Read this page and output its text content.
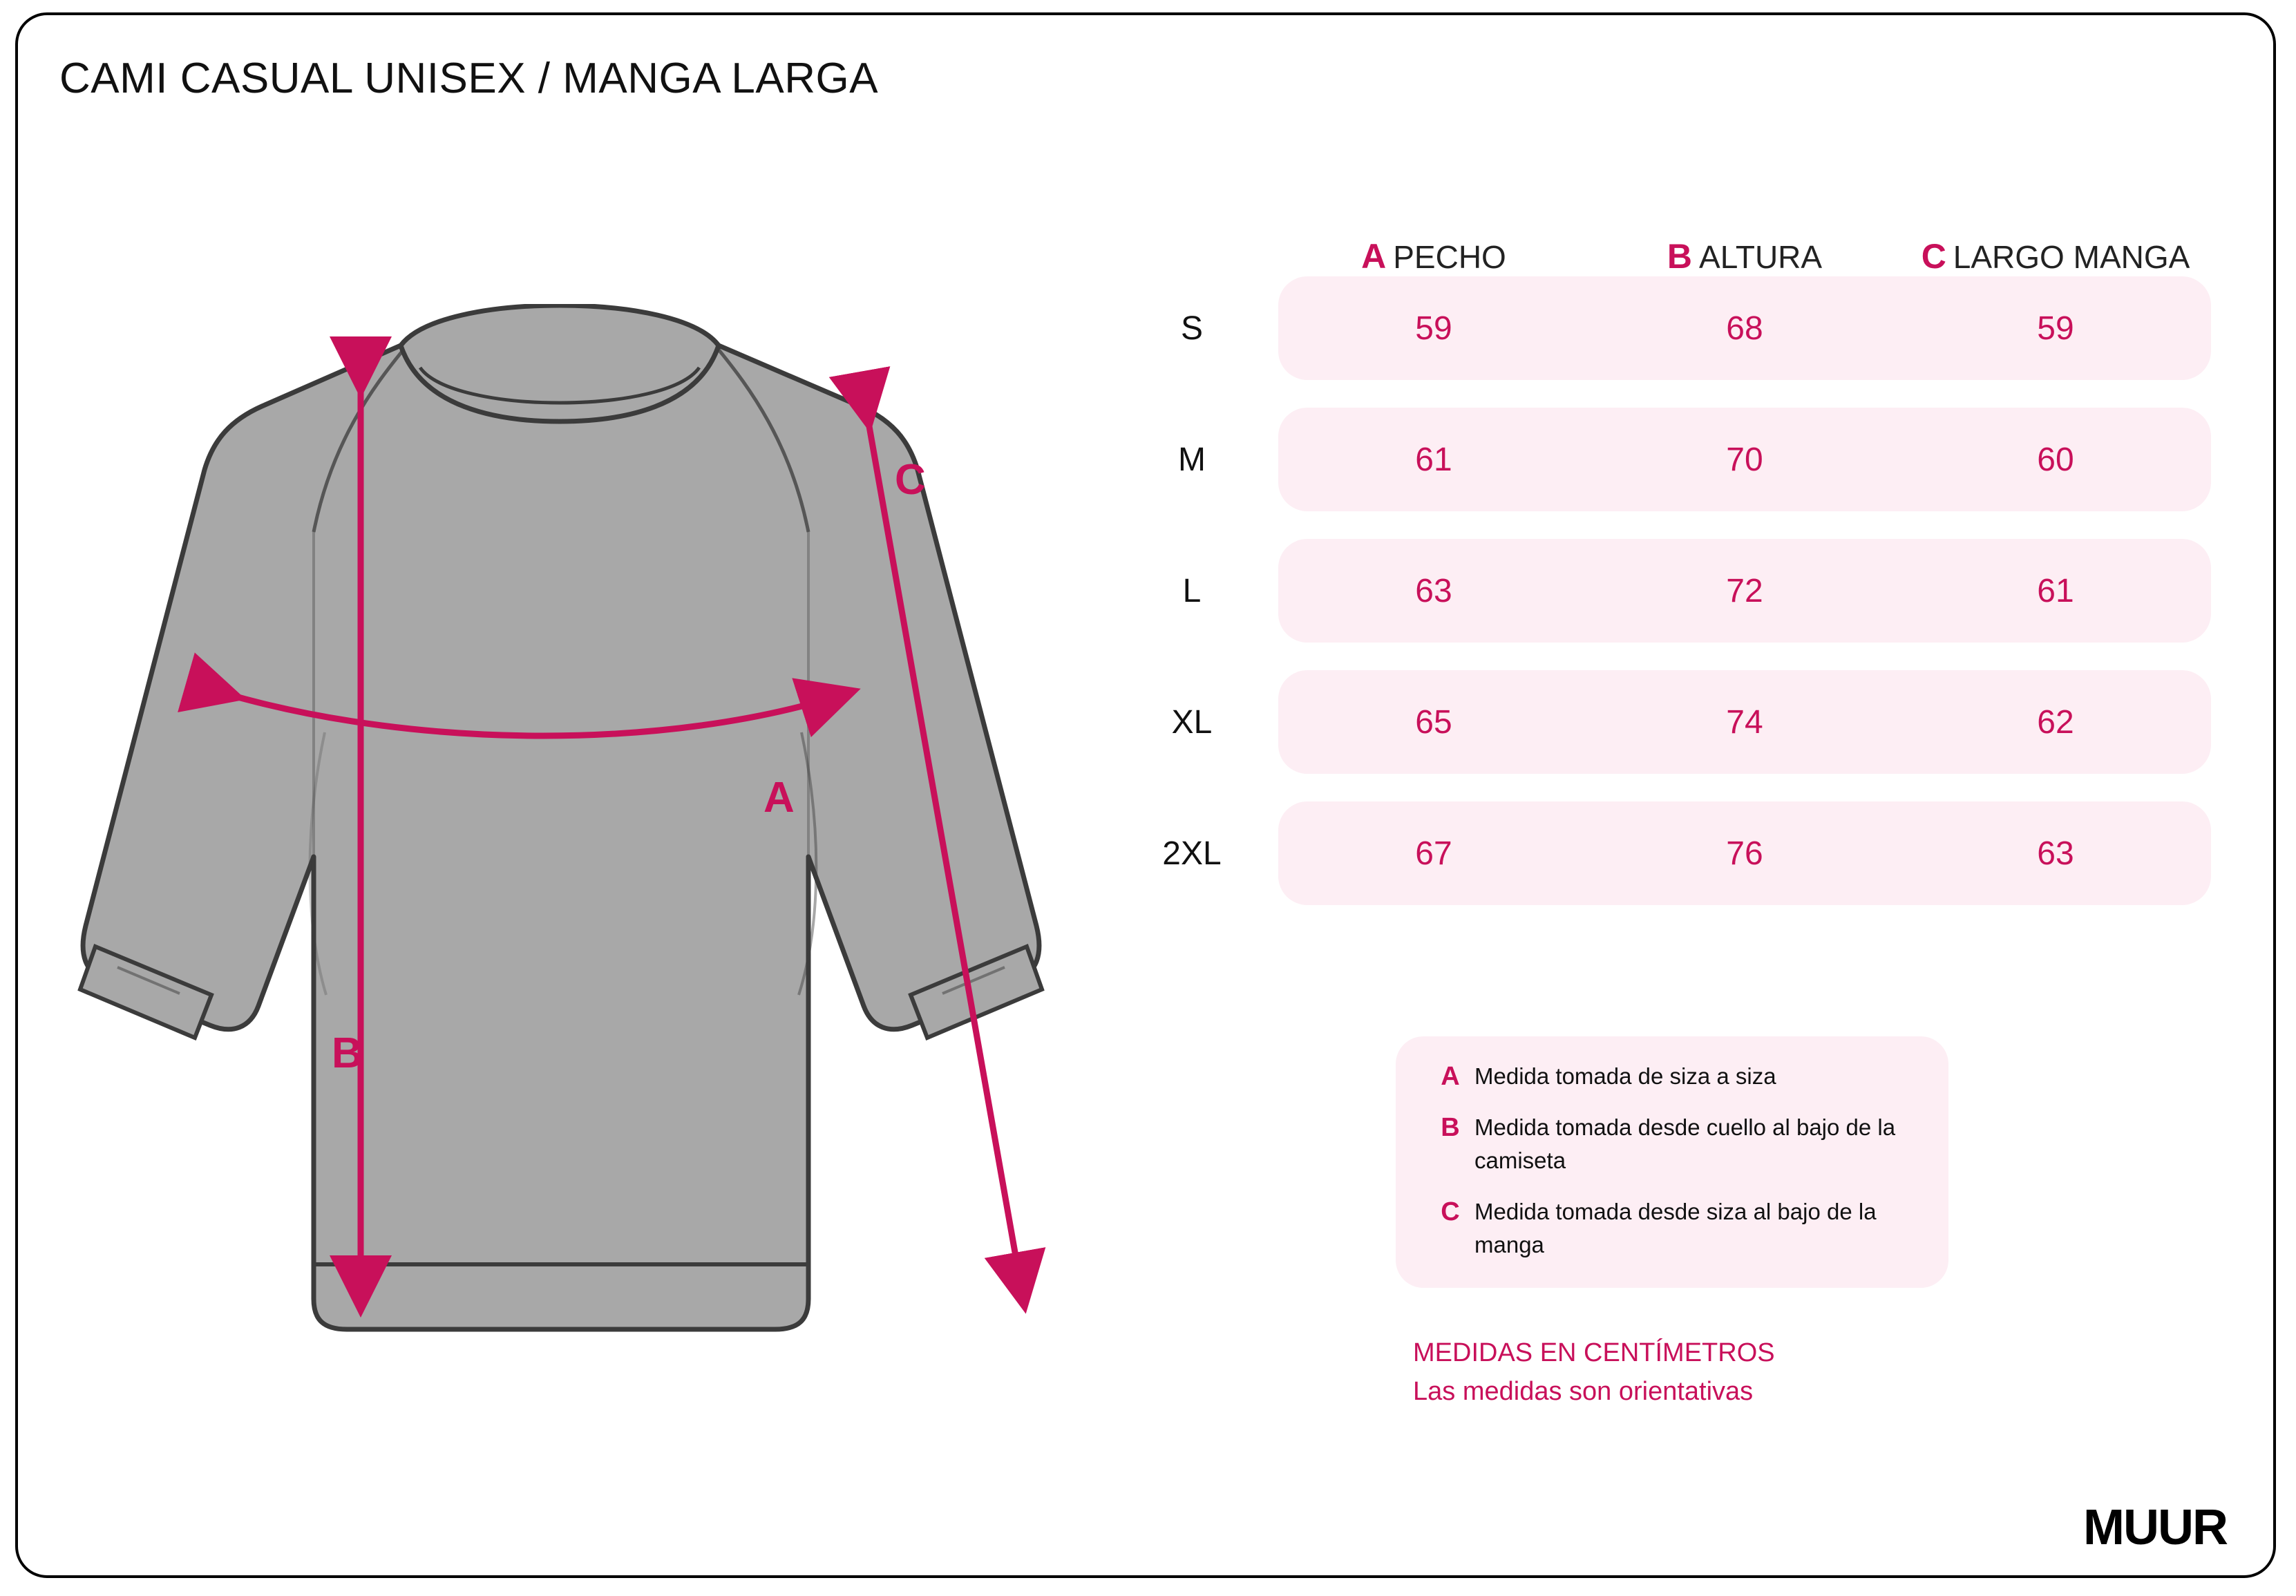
CAMI CASUAL UNISEX / MANGA LARGA
A
B
C
A PECHO	B ALTURA	C LARGO MANGA
S	59	68	59
M	61	70	60
L	63	72	61
XL	65	74	62
2XL	67	76	63
A Medida tomada de siza a siza
B Medida tomada desde cuello al bajo de la camiseta
C Medida tomada desde siza al bajo de la manga
MEDIDAS EN CENTÍMETROS
Las medidas son orientativas
MUUR
